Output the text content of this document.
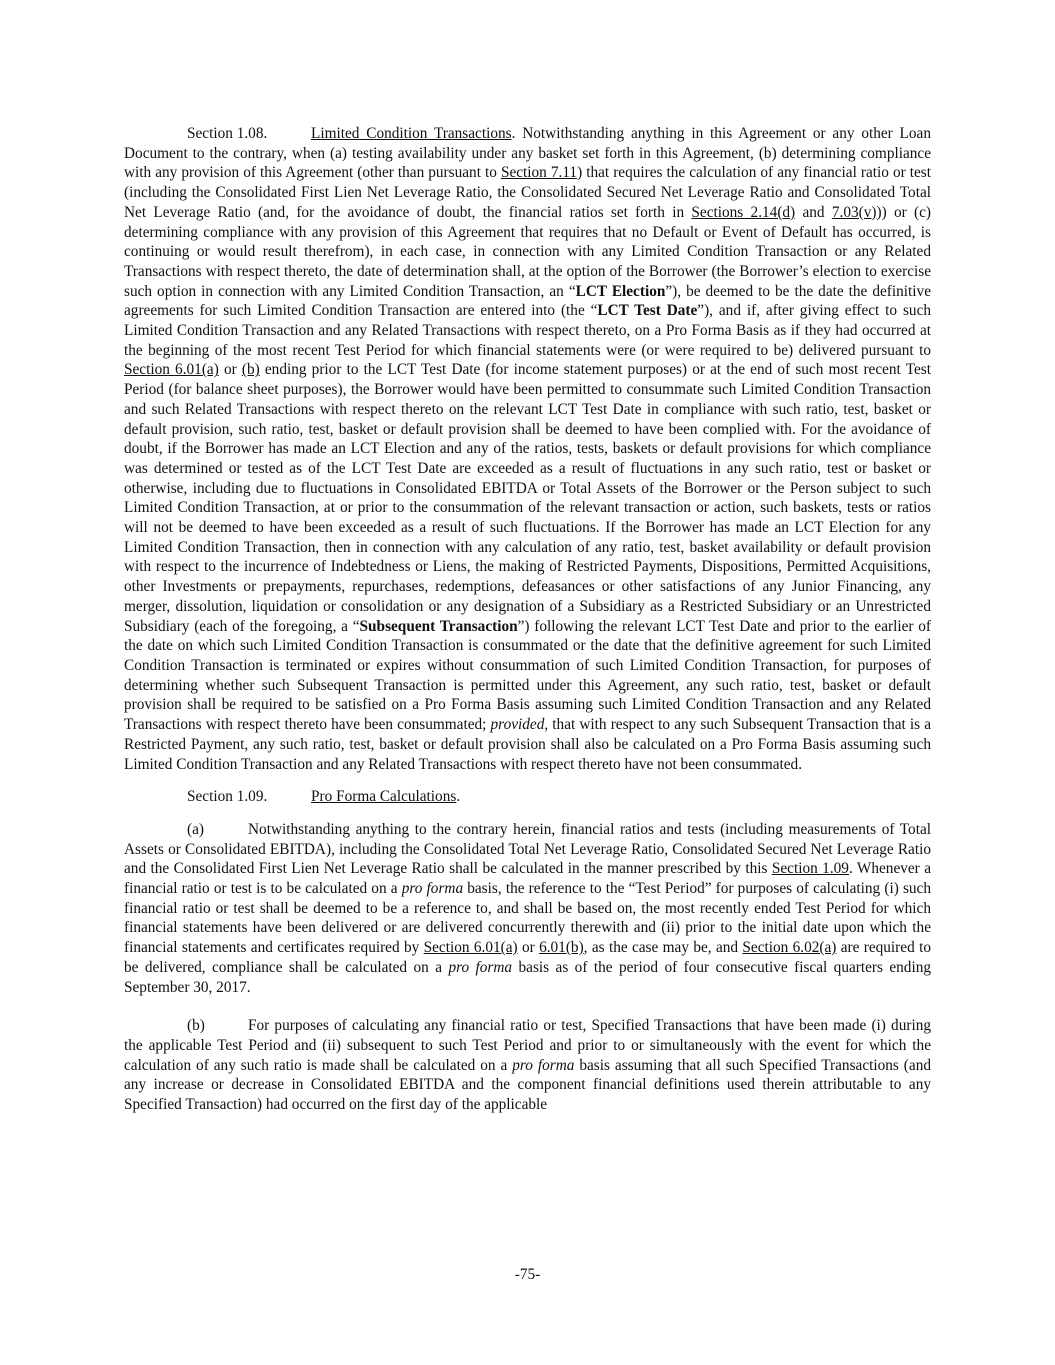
Section 1.08.	Limited Condition Transactions. Notwithstanding anything in this Agreement or any other Loan Document to the contrary, when (a) testing availability under any basket set forth in this Agreement, (b) determining compliance with any provision of this Agreement (other than pursuant to Section 7.11) that requires the calculation of any financial ratio or test (including the Consolidated First Lien Net Leverage Ratio, the Consolidated Secured Net Leverage Ratio and Consolidated Total Net Leverage Ratio (and, for the avoidance of doubt, the financial ratios set forth in Sections 2.14(d) and 7.03(v))) or (c) determining compliance with any provision of this Agreement that requires that no Default or Event of Default has occurred, is continuing or would result therefrom), in each case, in connection with any Limited Condition Transaction or any Related Transactions with respect thereto, the date of determination shall, at the option of the Borrower (the Borrower’s election to exercise such option in connection with any Limited Condition Transaction, an “LCT Election”), be deemed to be the date the definitive agreements for such Limited Condition Transaction are entered into (the “LCT Test Date”), and if, after giving effect to such Limited Condition Transaction and any Related Transactions with respect thereto, on a Pro Forma Basis as if they had occurred at the beginning of the most recent Test Period for which financial statements were (or were required to be) delivered pursuant to Section 6.01(a) or (b) ending prior to the LCT Test Date (for income statement purposes) or at the end of such most recent Test Period (for balance sheet purposes), the Borrower would have been permitted to consummate such Limited Condition Transaction and such Related Transactions with respect thereto on the relevant LCT Test Date in compliance with such ratio, test, basket or default provision, such ratio, test, basket or default provision shall be deemed to have been complied with. For the avoidance of doubt, if the Borrower has made an LCT Election and any of the ratios, tests, baskets or default provisions for which compliance was determined or tested as of the LCT Test Date are exceeded as a result of fluctuations in any such ratio, test or basket or otherwise, including due to fluctuations in Consolidated EBITDA or Total Assets of the Borrower or the Person subject to such Limited Condition Transaction, at or prior to the consummation of the relevant transaction or action, such baskets, tests or ratios will not be deemed to have been exceeded as a result of such fluctuations. If the Borrower has made an LCT Election for any Limited Condition Transaction, then in connection with any calculation of any ratio, test, basket availability or default provision with respect to the incurrence of Indebtedness or Liens, the making of Restricted Payments, Dispositions, Permitted Acquisitions, other Investments or prepayments, repurchases, redemptions, defeasances or other satisfactions of any Junior Financing, any merger, dissolution, liquidation or consolidation or any designation of a Subsidiary as a Restricted Subsidiary or an Unrestricted Subsidiary (each of the foregoing, a “Subsequent Transaction”) following the relevant LCT Test Date and prior to the earlier of the date on which such Limited Condition Transaction is consummated or the date that the definitive agreement for such Limited Condition Transaction is terminated or expires without consummation of such Limited Condition Transaction, for purposes of determining whether such Subsequent Transaction is permitted under this Agreement, any such ratio, test, basket or default provision shall be required to be satisfied on a Pro Forma Basis assuming such Limited Condition Transaction and any Related Transactions with respect thereto have been consummated; provided, that with respect to any such Subsequent Transaction that is a Restricted Payment, any such ratio, test, basket or default provision shall also be calculated on a Pro Forma Basis assuming such Limited Condition Transaction and any Related Transactions with respect thereto have not been consummated.

Section 1.09.	Pro Forma Calculations.

(a)	Notwithstanding anything to the contrary herein, financial ratios and tests (including measurements of Total Assets or Consolidated EBITDA), including the Consolidated Total Net Leverage Ratio, Consolidated Secured Net Leverage Ratio and the Consolidated First Lien Net Leverage Ratio shall be calculated in the manner prescribed by this Section 1.09. Whenever a financial ratio or test is to be calculated on a pro forma basis, the reference to the “Test Period” for purposes of calculating (i) such financial ratio or test shall be deemed to be a reference to, and shall be based on, the most recently ended Test Period for which financial statements have been delivered or are delivered concurrently therewith and (ii) prior to the initial date upon which the financial statements and certificates required by Section 6.01(a) or 6.01(b), as the case may be, and Section 6.02(a) are required to be delivered, compliance shall be calculated on a pro forma basis as of the period of four consecutive fiscal quarters ending September 30, 2017.

(b)	For purposes of calculating any financial ratio or test, Specified Transactions that have been made (i) during the applicable Test Period and (ii) subsequent to such Test Period and prior to or simultaneously with the event for which the calculation of any such ratio is made shall be calculated on a pro forma basis assuming that all such Specified Transactions (and any increase or decrease in Consolidated EBITDA and the component financial definitions used therein attributable to any Specified Transaction) had occurred on the first day of the applicable

-75-
